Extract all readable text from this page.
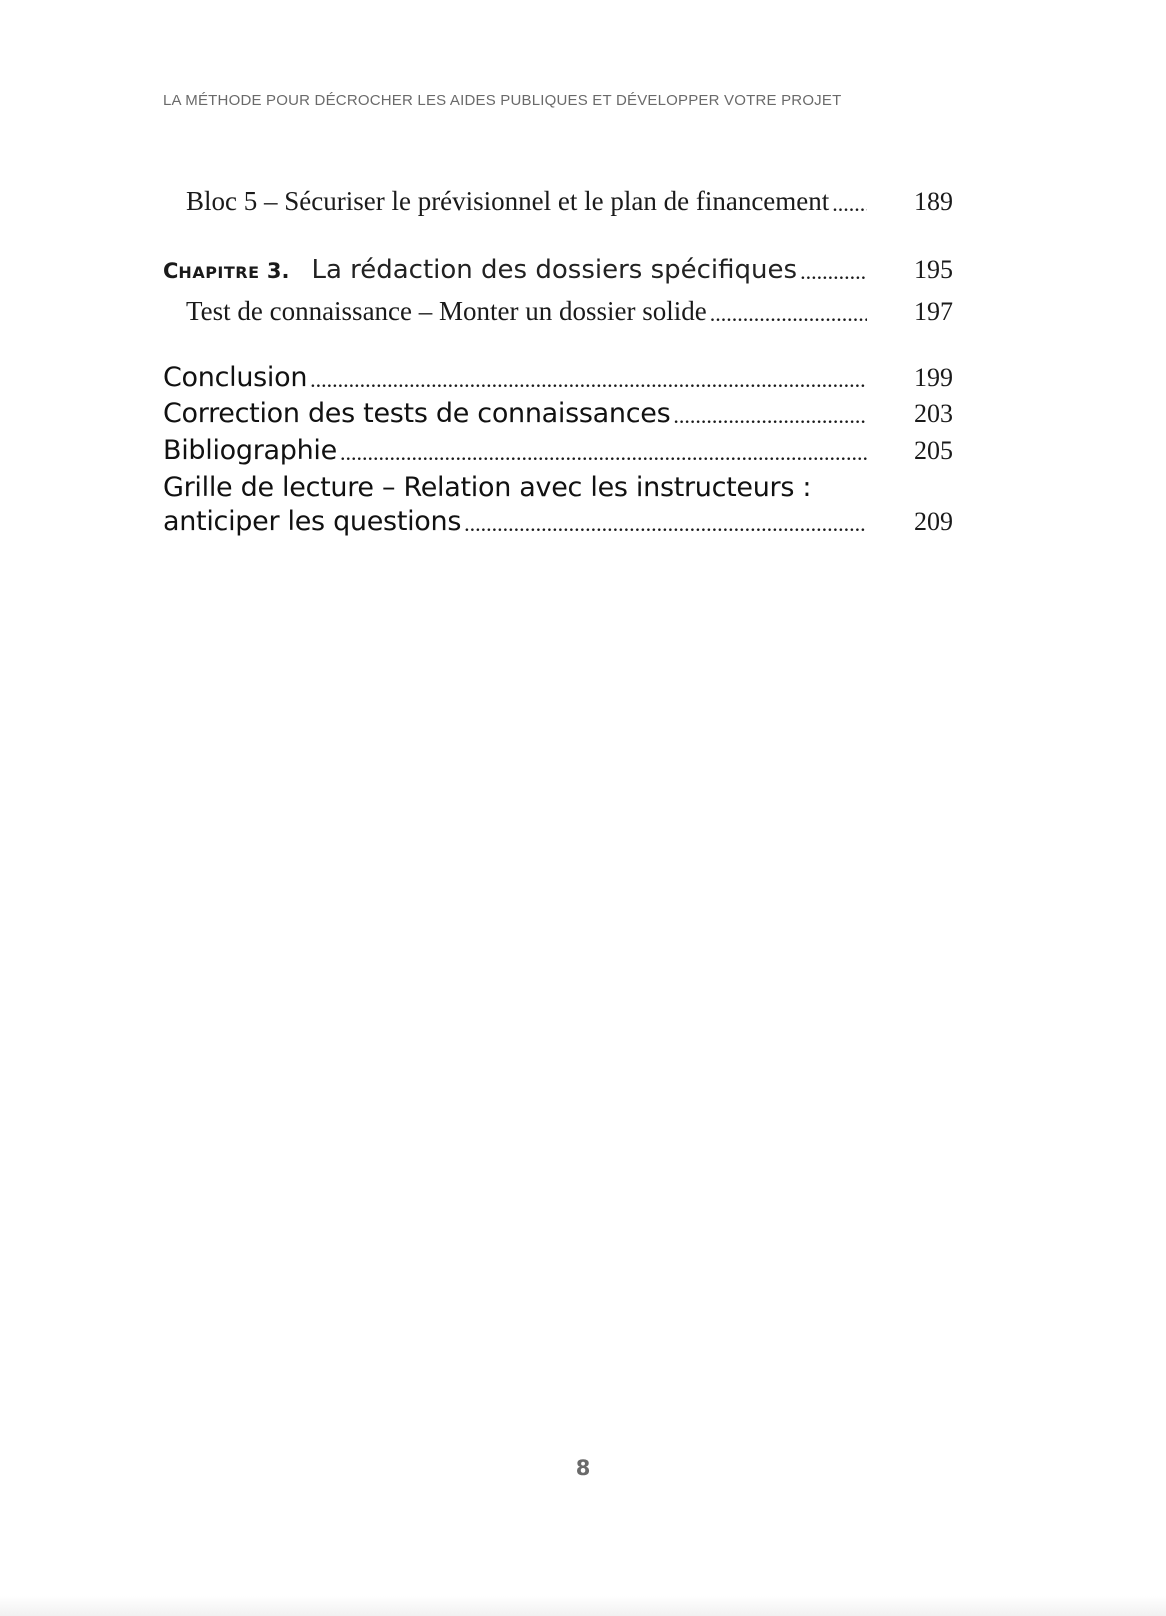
LA MÉTHODE POUR DÉCROCHER LES AIDES PUBLIQUES ET DÉVELOPPER VOTRE PROJET
Bloc 5 – Sécuriser le prévisionnel et le plan de financement .....	189
CHAPITRE 3. La rédaction des dossiers spécifiques .....	195
Test de connaissance – Monter un dossier solide .....	197
Conclusion .....	199
Correction des tests de connaissances .....	203
Bibliographie .....	205
Grille de lecture – Relation avec les instructeurs :
anticiper les questions .....	209
8
